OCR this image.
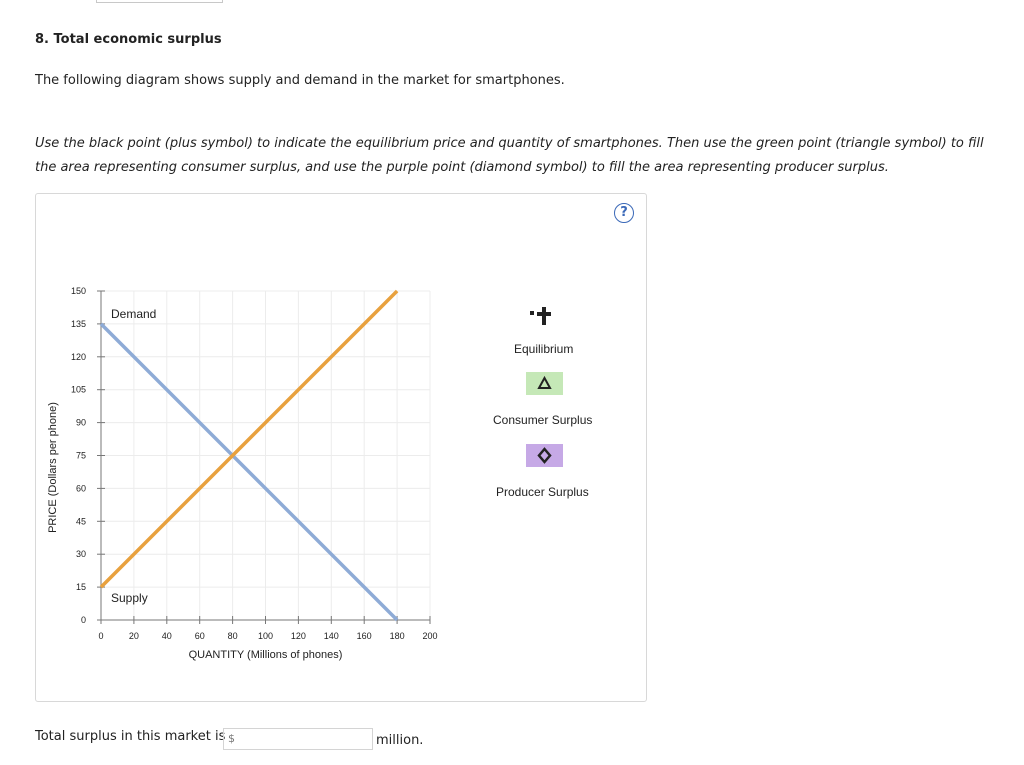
8. Total economic surplus
The following diagram shows supply and demand in the market for smartphones.
Use the black point (plus symbol) to indicate the equilibrium price and quantity of smartphones. Then use the green point (triangle symbol) to fill the area representing consumer surplus, and use the purple point (diamond symbol) to fill the area representing producer surplus.
?
0	20	40	60	80 100 120 140 160 180 200
0
15
30
45
60
75
90
105
120
135
150
QUANTITY (Millions of phones)
PRICE (Dollars per phone)
Demand
Supply
Equilibrium
Consumer Surplus
Producer Surplus
Total surplus in this market is $	million.
